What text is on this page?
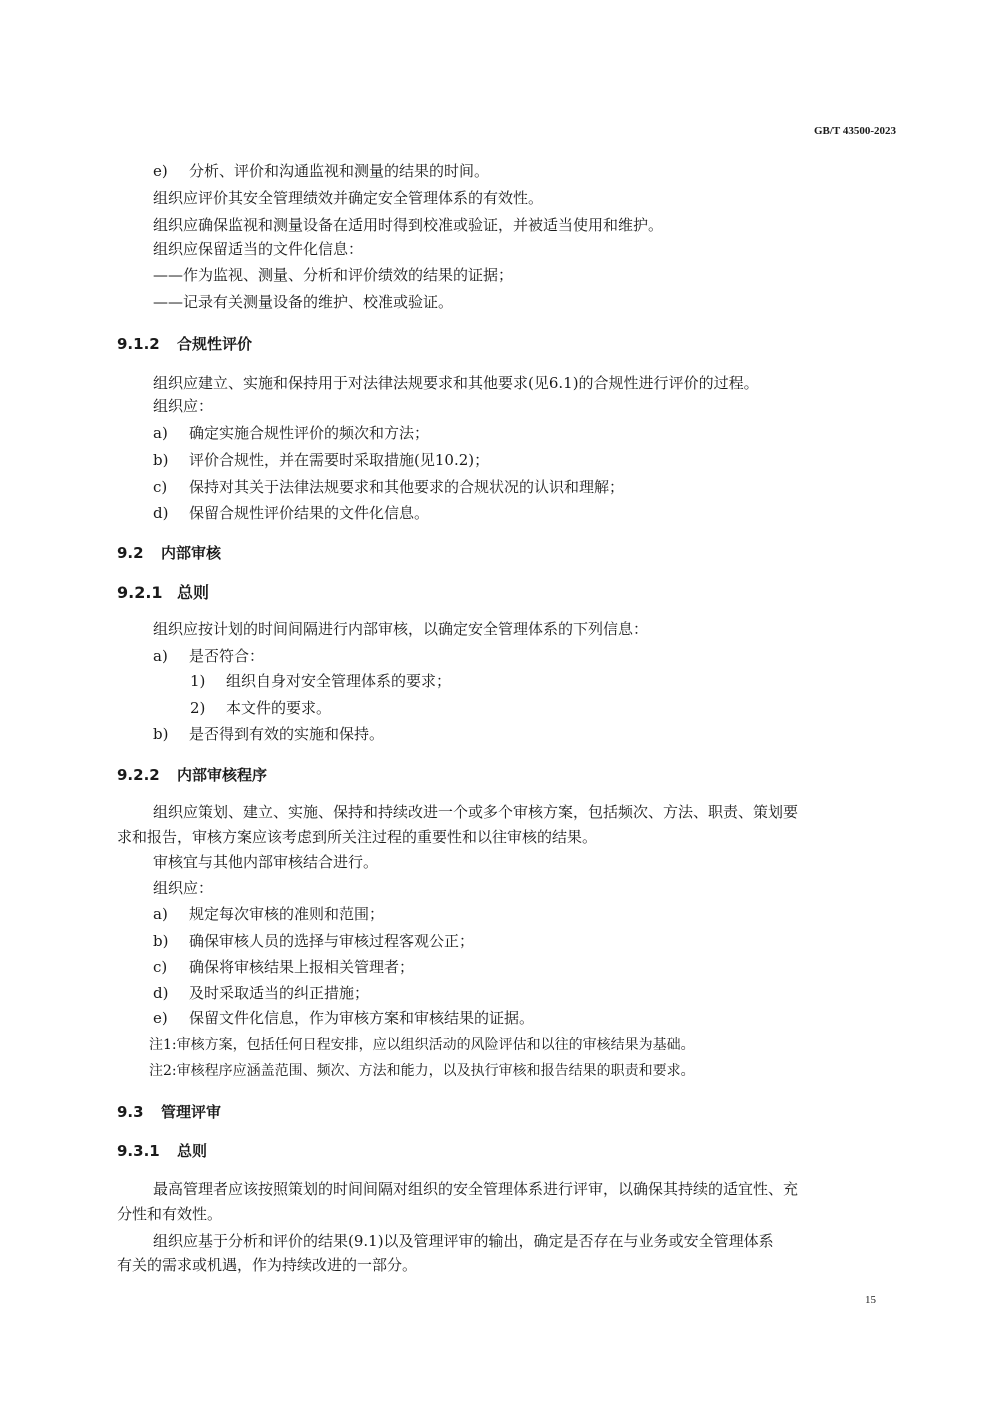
GB/T 43500-2023
e) 分析、评价和沟通监视和测量的结果的时间。
组织应评价其安全管理绩效并确定安全管理体系的有效性。
组织应确保监视和测量设备在适用时得到校准或验证，并被适当使用和维护。
组织应保留适当的文件化信息：
——作为监视、测量、分析和评价绩效的结果的证据；
——记录有关测量设备的维护、校准或验证。
9.1.2 合规性评价
组织应建立、实施和保持用于对法律法规要求和其他要求(见6.1)的合规性进行评价的过程。
组织应：
a) 确定实施合规性评价的频次和方法；
b) 评价合规性，并在需要时采取措施(见10.2)；
c) 保持对其关于法律法规要求和其他要求的合规状况的认识和理解；
d) 保留合规性评价结果的文件化信息。
9.2 内部审核
9.2.1 总则
组织应按计划的时间间隔进行内部审核，以确定安全管理体系的下列信息：
a) 是否符合：
1) 组织自身对安全管理体系的要求；
2) 本文件的要求。
b) 是否得到有效的实施和保持。
9.2.2 内部审核程序
组织应策划、建立、实施、保持和持续改进一个或多个审核方案，包括频次、方法、职责、策划要
求和报告，审核方案应该考虑到所关注过程的重要性和以往审核的结果。
审核宜与其他内部审核结合进行。
组织应：
a) 规定每次审核的准则和范围；
b) 确保审核人员的选择与审核过程客观公正；
c) 确保将审核结果上报相关管理者；
d) 及时采取适当的纠正措施；
e) 保留文件化信息，作为审核方案和审核结果的证据。
注1:审核方案，包括任何日程安排，应以组织活动的风险评估和以往的审核结果为基础。
注2:审核程序应涵盖范围、频次、方法和能力，以及执行审核和报告结果的职责和要求。
9.3 管理评审
9.3.1 总则
最高管理者应该按照策划的时间间隔对组织的安全管理体系进行评审，以确保其持续的适宜性、充
分性和有效性。
组织应基于分析和评价的结果(9.1)以及管理评审的输出，确定是否存在与业务或安全管理体系
有关的需求或机遇，作为持续改进的一部分。
15
